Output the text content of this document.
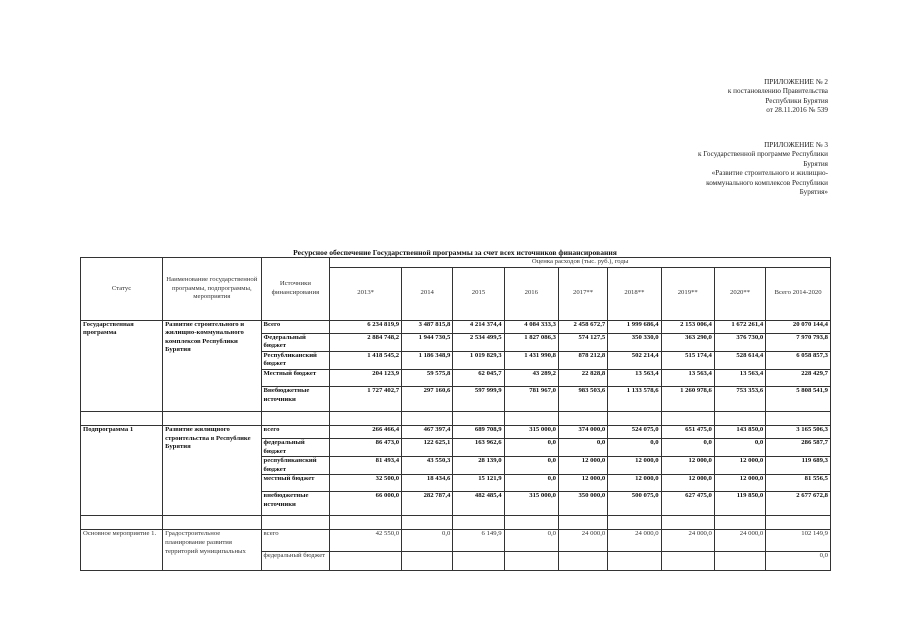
ПРИЛОЖЕНИЕ № 2
к постановлению Правительства
Республики Бурятия
от 28.11.2016 № 539
ПРИЛОЖЕНИЕ № 3
к Государственной программе Республики
Бурятия
«Развитие строительного и жилищно-
коммунального комплексов Республики
Бурятия»
Ресурсное обеспечение Государственной программы за счет всех источников финансирования
Статус	Наименование государственной программы, подпрограммы, мероприятия	Источники финансирования	Оценка расходов (тыс. руб.), годы								
			2013*	2014	2015	2016	2017**	2018**	2019**	2020**	Всего 2014-2020
Государственная программа	Развитие строительного и жилищно-коммунального комплексов Республики Бурятия	Всего	6 234 819,9	3 487 815,8	4 214 374,4	4 084 333,3	2 458 672,7	1 999 686,4	2 153 006,4	1 672 261,4	20 070 144,4
		Федеральный бюджет	2 884 748,2	1 944 730,5	2 534 499,5	1 827 086,3	574 127,5	350 330,0	363 290,0	376 730,0	7 970 793,8
		Республиканский бюджет	1 418 545,2	1 186 348,9	1 019 829,3	1 431 990,8	878 212,8	502 214,4	515 174,4	528 614,4	6 058 857,3
		Местный бюджет	204 123,9	59 575,8	62 045,7	43 289,2	22 828,8	13 563,4	13 563,4	13 563,4	228 429,7
		Внебюджетные источники	1 727 402,7	297 160,6	597 999,9	781 967,0	983 503,6	1 133 578,6	1 260 978,6	753 353,6	5 808 541,9

Подпрограмма 1	Развитие жилищного строительства в Республике Бурятия	всего	266 466,4	467 397,4	689 708,9	315 000,0	374 000,0	524 075,0	651 475,0	143 850,0	3 165 506,3
		федеральный бюджет	86 473,0	122 625,1	163 962,6	0,0	0,0	0,0	0,0	0,0	286 587,7
		республиканский бюджет	81 493,4	43 550,3	28 139,0	0,0	12 000,0	12 000,0	12 000,0	12 000,0	119 689,3
		местный бюджет	32 500,0	18 434,6	15 121,9	0,0	12 000,0	12 000,0	12 000,0	12 000,0	81 556,5
		внебюджетные источники	66 000,0	282 787,4	482 485,4	315 000,0	350 000,0	500 075,0	627 475,0	119 850,0	2 677 672,8

Основное мероприятие 1.	Градостроительное планирование развития территорий муниципальных	всего	42 550,0	0,0	6 149,9	0,0	24 000,0	24 000,0	24 000,0	24 000,0	102 149,9
		федеральный бюджет									0,0
